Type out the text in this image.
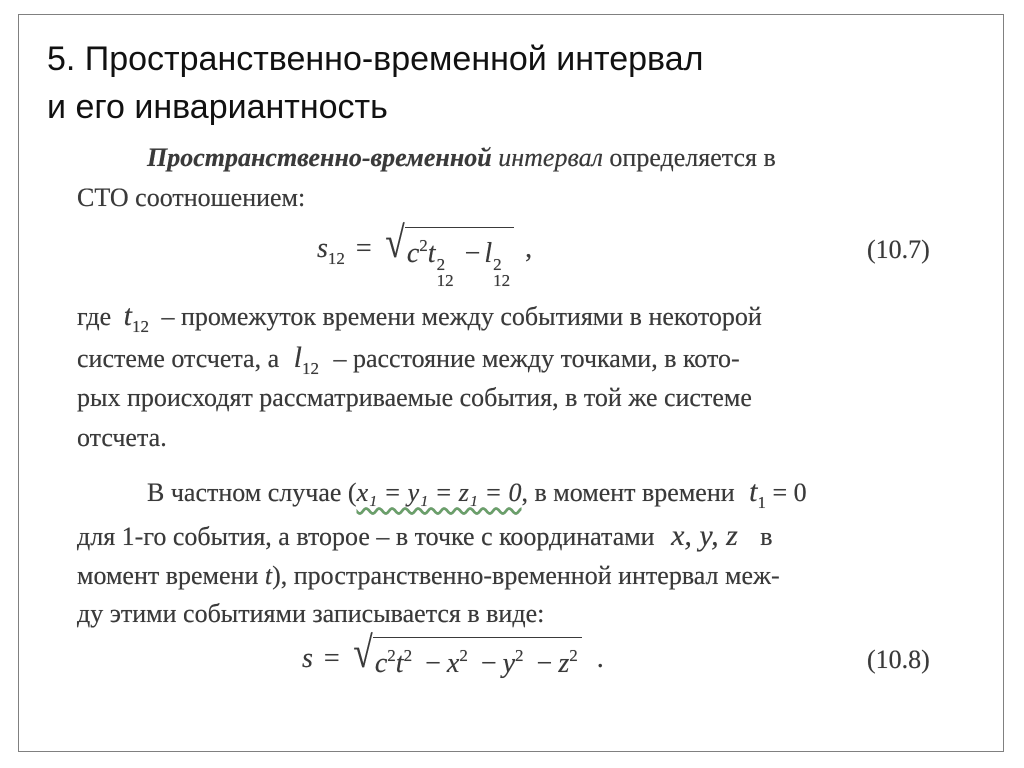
5. Пространственно-временной интервал
и его инвариантность
Пространственно-временной интервал определяется в
СТО соотношением:
$s_{12}$ = √ $c^2t$ 2
12
− l 2
12
,	(10.7)
где $t_{12}$ – промежуток времени между событиями в некоторой
системе отсчета, а $l_{12}$ – расстояние между точками, в кото-
рых происходят рассматриваемые события, в той же системе
отсчета.
В частном случае (x₁ = y₁ = z₁ = 0, в момент времени $t_1 = 0$
для 1-го события, а второе – в точке с координатами x, y, z в
момент времени t), пространственно-временной интервал меж-
ду этими событиями записывается в виде:
s = √ $c^2t^2 - x^2 - y^2 - z^2$ .	(10.8)
